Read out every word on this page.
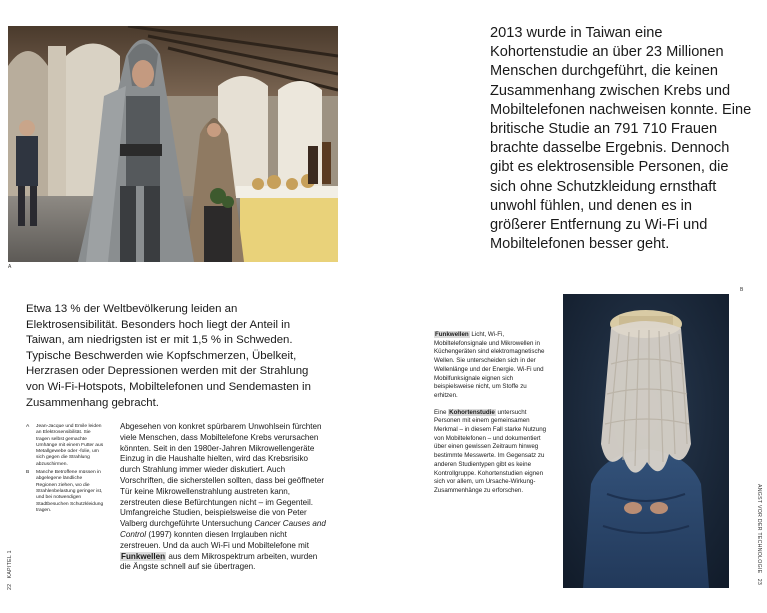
A
B

2013 wurde in Taiwan eine Kohortenstudie an über 23 Millionen Menschen durchgeführt, die keinen Zusammenhang zwischen Krebs und Mobiltelefonen nachweisen konnte. Eine britische Studie an 791 710 Frauen brachte dasselbe Ergebnis. Dennoch gibt es elektrosensible Personen, die sich ohne Schutzkleidung ernsthaft unwohl fühlen, und denen es in größerer Entfernung zu Wi-Fi und Mobiltelefonen besser geht.

Etwa 13 % der Weltbevölkerung leiden an Elektrosensibilität. Besonders hoch liegt der Anteil in Taiwan, am niedrigsten ist er mit 1,5 % in Schweden. Typische Beschwerden wie Kopfschmerzen, Übelkeit, Herzrasen oder Depressionen werden mit der Strahlung von Wi-Fi-Hotspots, Mobiltelefonen und Sendemasten in Zusammenhang gebracht.

A	Jean-Jacque und Emile leiden an Elektrosensibilität. Sie tragen selbst gemachte Umhänge mit einem Futter aus Metallgewebe oder -folie, um sich gegen die Strahlung abzuschirmen.
B	Manche Betroffene müssen in abgelegene ländliche Regionen ziehen, wo die Strahlenbelastung geringer ist, und bei notwendigen Stadtbesuchen Schutzkleidung tragen.

Abgesehen von konkret spürbarem Unwohlsein fürchten viele Menschen, dass Mobiltelefone Krebs verursachen könnten. Seit in den 1980er-Jahren Mikrowellengeräte Einzug in die Haushalte hielten, wird das Krebsrisiko durch Strahlung immer wieder diskutiert. Auch Vorschriften, die sicherstellen sollten, dass bei geöffneter Tür keine Mikrowellenstrahlung austreten kann, zerstreuten diese Befürchtungen nicht – im Gegenteil. Umfangreiche Studien, beispielsweise die von Peter Valberg durchgeführte Untersuchung Cancer Causes and Control (1997) konnten diesen Irrglauben nicht zerstreuen. Und da auch Wi-Fi und Mobiltelefone mit Funkwellen aus dem Mikrospektrum arbeiten, wurden die Ängste schnell auf sie übertragen.

Funkwellen Licht, Wi-Fi, Mobiltelefonsignale und Mikrowellen in Küchengeräten sind elektromagnetische Wellen. Sie unterscheiden sich in der Wellenlänge und der Energie. Wi-Fi und Mobilfunksignale eignen sich beispielsweise nicht, um Stoffe zu erhitzen.

Eine Kohortenstudie untersucht Personen mit einem gemeinsamen Merkmal – in diesem Fall starke Nutzung von Mobiltelefonen – und dokumentiert über einen gewissen Zeitraum hinweg bestimmte Messwerte. Im Gegensatz zu anderen Studientypen gibt es keine Kontrollgruppe. Kohortenstudien eignen sich vor allem, um Ursache-Wirkung-Zusammenhänge zu erforschen.

22   KAPITEL 1	ANGST VOR DER TECHNOLOGIE   23
